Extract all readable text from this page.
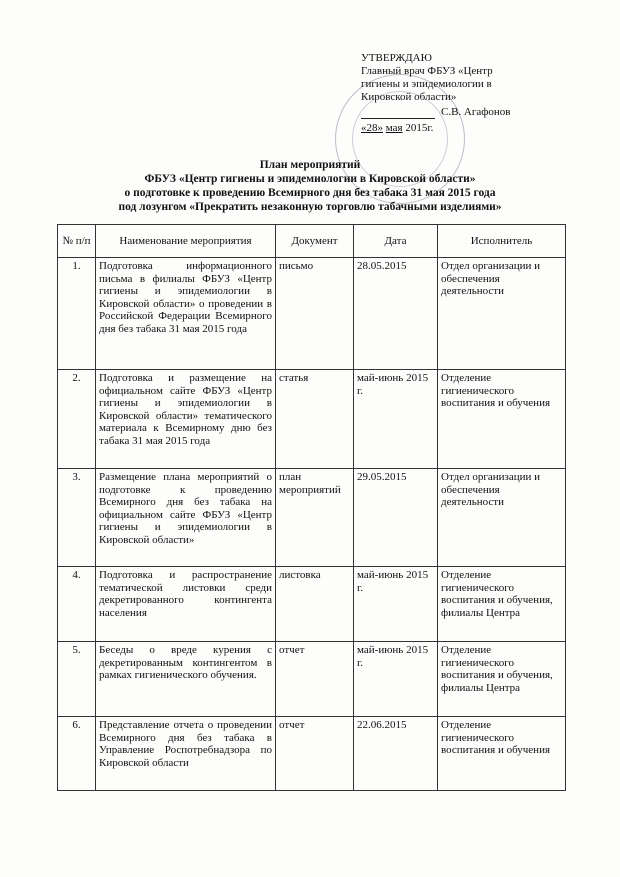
УТВЕРЖДАЮ
Главный врач ФБУЗ «Центр
гигиены и эпидемиологии в
Кировской области»
С.В. Агафонов
«28» мая 2015г.
План мероприятий
ФБУЗ «Центр гигиены и эпидемиологии в Кировской области»
о подготовке к проведению Всемирного дня без табака 31 мая 2015 года
под лозунгом «Прекратить незаконную торговлю табачными изделиями»
№ п/п	Наименование мероприятия	Документ	Дата	Исполнитель
1.	Подготовка информационного письма в филиалы ФБУЗ «Центр гигиены и эпидемиологии в Кировской области» о проведении в Российской Федерации Всемирного дня без табака 31 мая 2015 года	письмо	28.05.2015	Отдел организации и обеспечения деятельности
2.	Подготовка и размещение на официальном сайте ФБУЗ «Центр гигиены и эпидемиологии в Кировской области» тематического материала к Всемирному дню без табака 31 мая 2015 года	статья	май-июнь 2015 г.	Отделение гигиенического воспитания и обучения
3.	Размещение плана мероприятий о подготовке к проведению Всемирного дня без табака на официальном сайте ФБУЗ «Центр гигиены и эпидемиологии в Кировской области»	план мероприятий	29.05.2015	Отдел организации и обеспечения деятельности
4.	Подготовка и распространение тематической листовки среди декретированного контингента населения	листовка	май-июнь 2015 г.	Отделение гигиенического воспитания и обучения, филиалы Центра
5.	Беседы о вреде курения с декретированным контингентом в рамках гигиенического обучения.	отчет	май-июнь 2015 г.	Отделение гигиенического воспитания и обучения, филиалы Центра
6.	Представление отчета о проведении Всемирного дня без табака в Управление Роспотребнадзора по Кировской области	отчет	22.06.2015	Отделение гигиенического воспитания и обучения
